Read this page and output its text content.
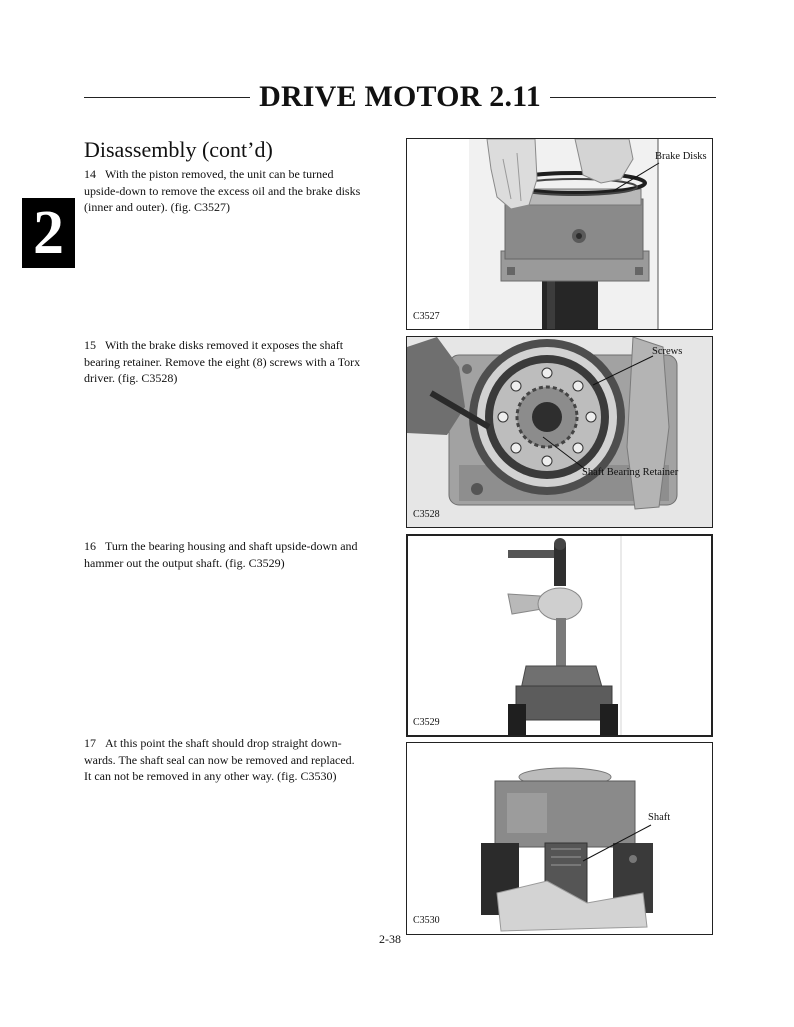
DRIVE MOTOR 2.11
2
Disassembly (cont’d)
14 With the piston removed, the unit can be turned
upside-down to remove the excess oil and the brake disks
(inner and outer). (fig. C3527)
15 With the brake disks removed it exposes the shaft
bearing retainer. Remove the eight (8) screws with a Torx
driver. (fig. C3528)
16 Turn the bearing housing and shaft upside-down and
hammer out the output shaft. (fig. C3529)
17 At this point the shaft should drop straight down-
wards. The shaft seal can now be removed and replaced.
It can not be removed in any other way. (fig. C3530)
Brake Disks
C3527
Screws
Shaft Bearing Retainer
C3528
C3529
Shaft
C3530
2-38
